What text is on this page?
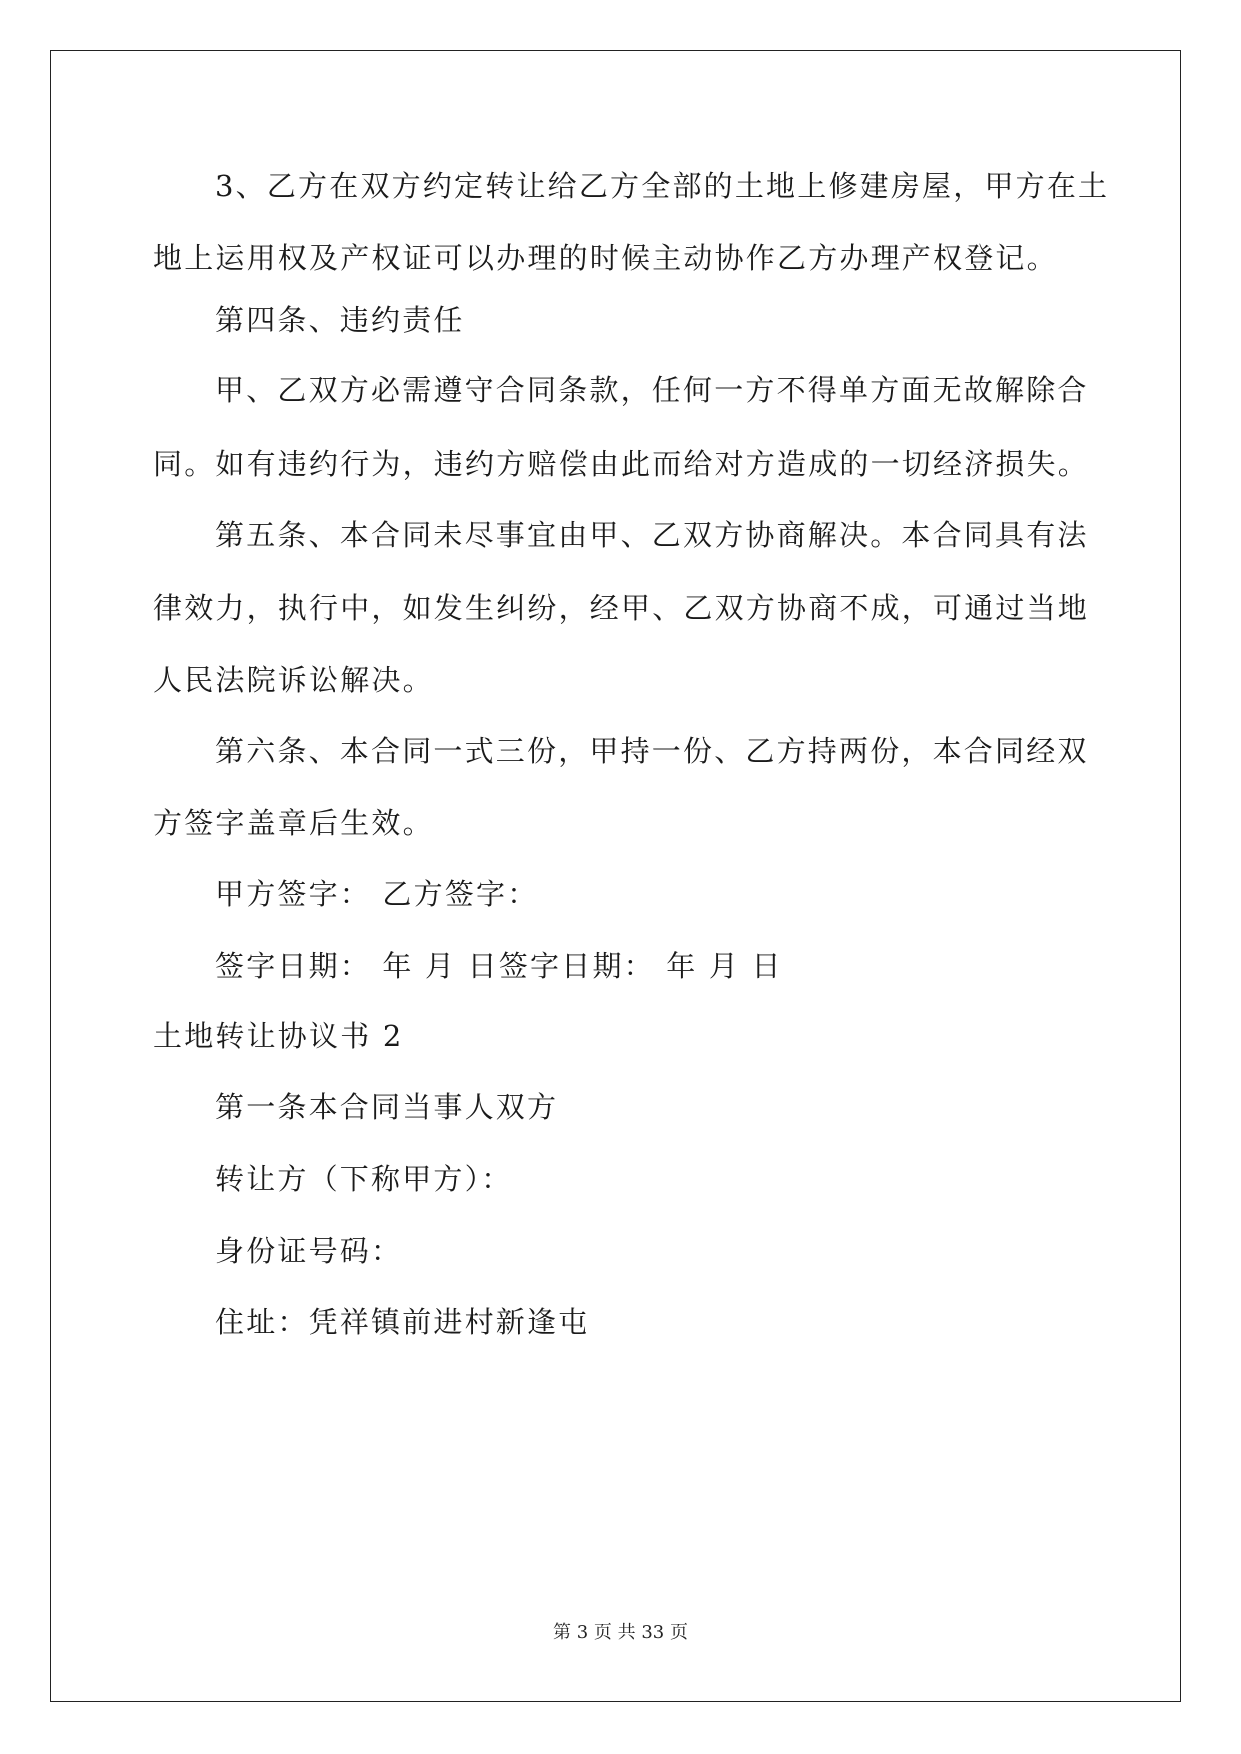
3、乙方在双方约定转让给乙方全部的土地上修建房屋，甲方在土
地上运用权及产权证可以办理的时候主动协作乙方办理产权登记。
第四条、违约责任
甲、乙双方必需遵守合同条款，任何一方不得单方面无故解除合
同。如有违约行为，违约方赔偿由此而给对方造成的一切经济损失。
第五条、本合同未尽事宜由甲、乙双方协商解决。本合同具有法
律效力，执行中，如发生纠纷，经甲、乙双方协商不成，可通过当地
人民法院诉讼解决。
第六条、本合同一式三份，甲持一份、乙方持两份，本合同经双
方签字盖章后生效。
甲方签字： 乙方签字：
签字日期： 年 月 日签字日期： 年 月 日
土地转让协议书 2
第一条本合同当事人双方
转让方（下称甲方）：
身份证号码：
住址：凭祥镇前进村新逢屯
第 3 页 共 33 页
